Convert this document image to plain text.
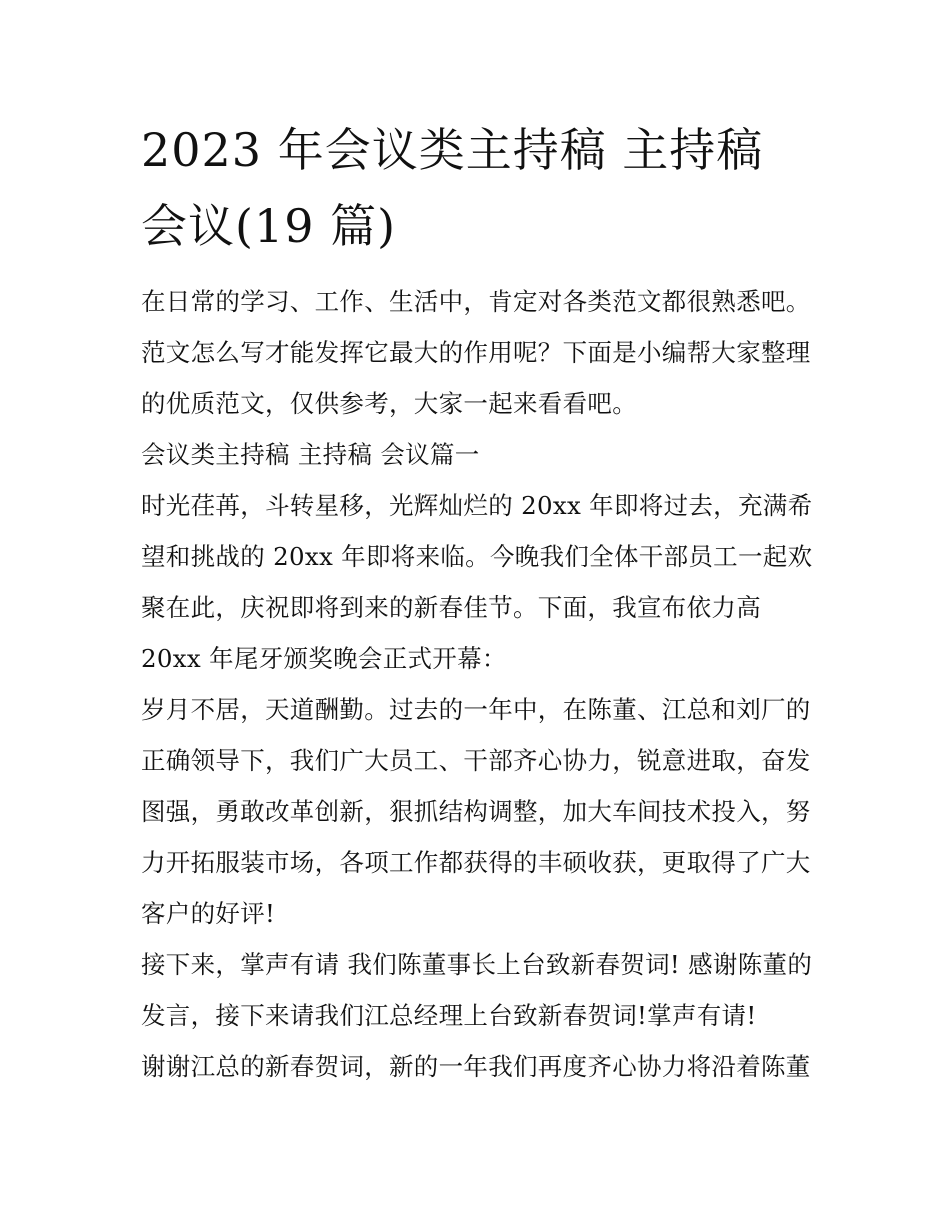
2023 年会议类主持稿 主持稿
会议(19 篇)
在日常的学习、工作、生活中，肯定对各类范文都很熟悉吧。
范文怎么写才能发挥它最大的作用呢？下面是小编帮大家整理
的优质范文，仅供参考，大家一起来看看吧。
会议类主持稿 主持稿 会议篇一
时光荏苒，斗转星移，光辉灿烂的 20xx 年即将过去，充满希
望和挑战的 20xx 年即将来临。今晚我们全体干部员工一起欢
聚在此，庆祝即将到来的新春佳节。下面，我宣布依力高
20xx 年尾牙颁奖晚会正式开幕：
岁月不居，天道酬勤。过去的一年中，在陈董、江总和刘厂的
正确领导下，我们广大员工、干部齐心协力，锐意进取，奋发
图强，勇敢改革创新，狠抓结构调整，加大车间技术投入，努
力开拓服装市场，各项工作都获得的丰硕收获，更取得了广大
客户的好评!
接下来，掌声有请 我们陈董事长上台致新春贺词! 感谢陈董的
发言，接下来请我们江总经理上台致新春贺词!掌声有请!
谢谢江总的新春贺词，新的一年我们再度齐心协力将沿着陈董
